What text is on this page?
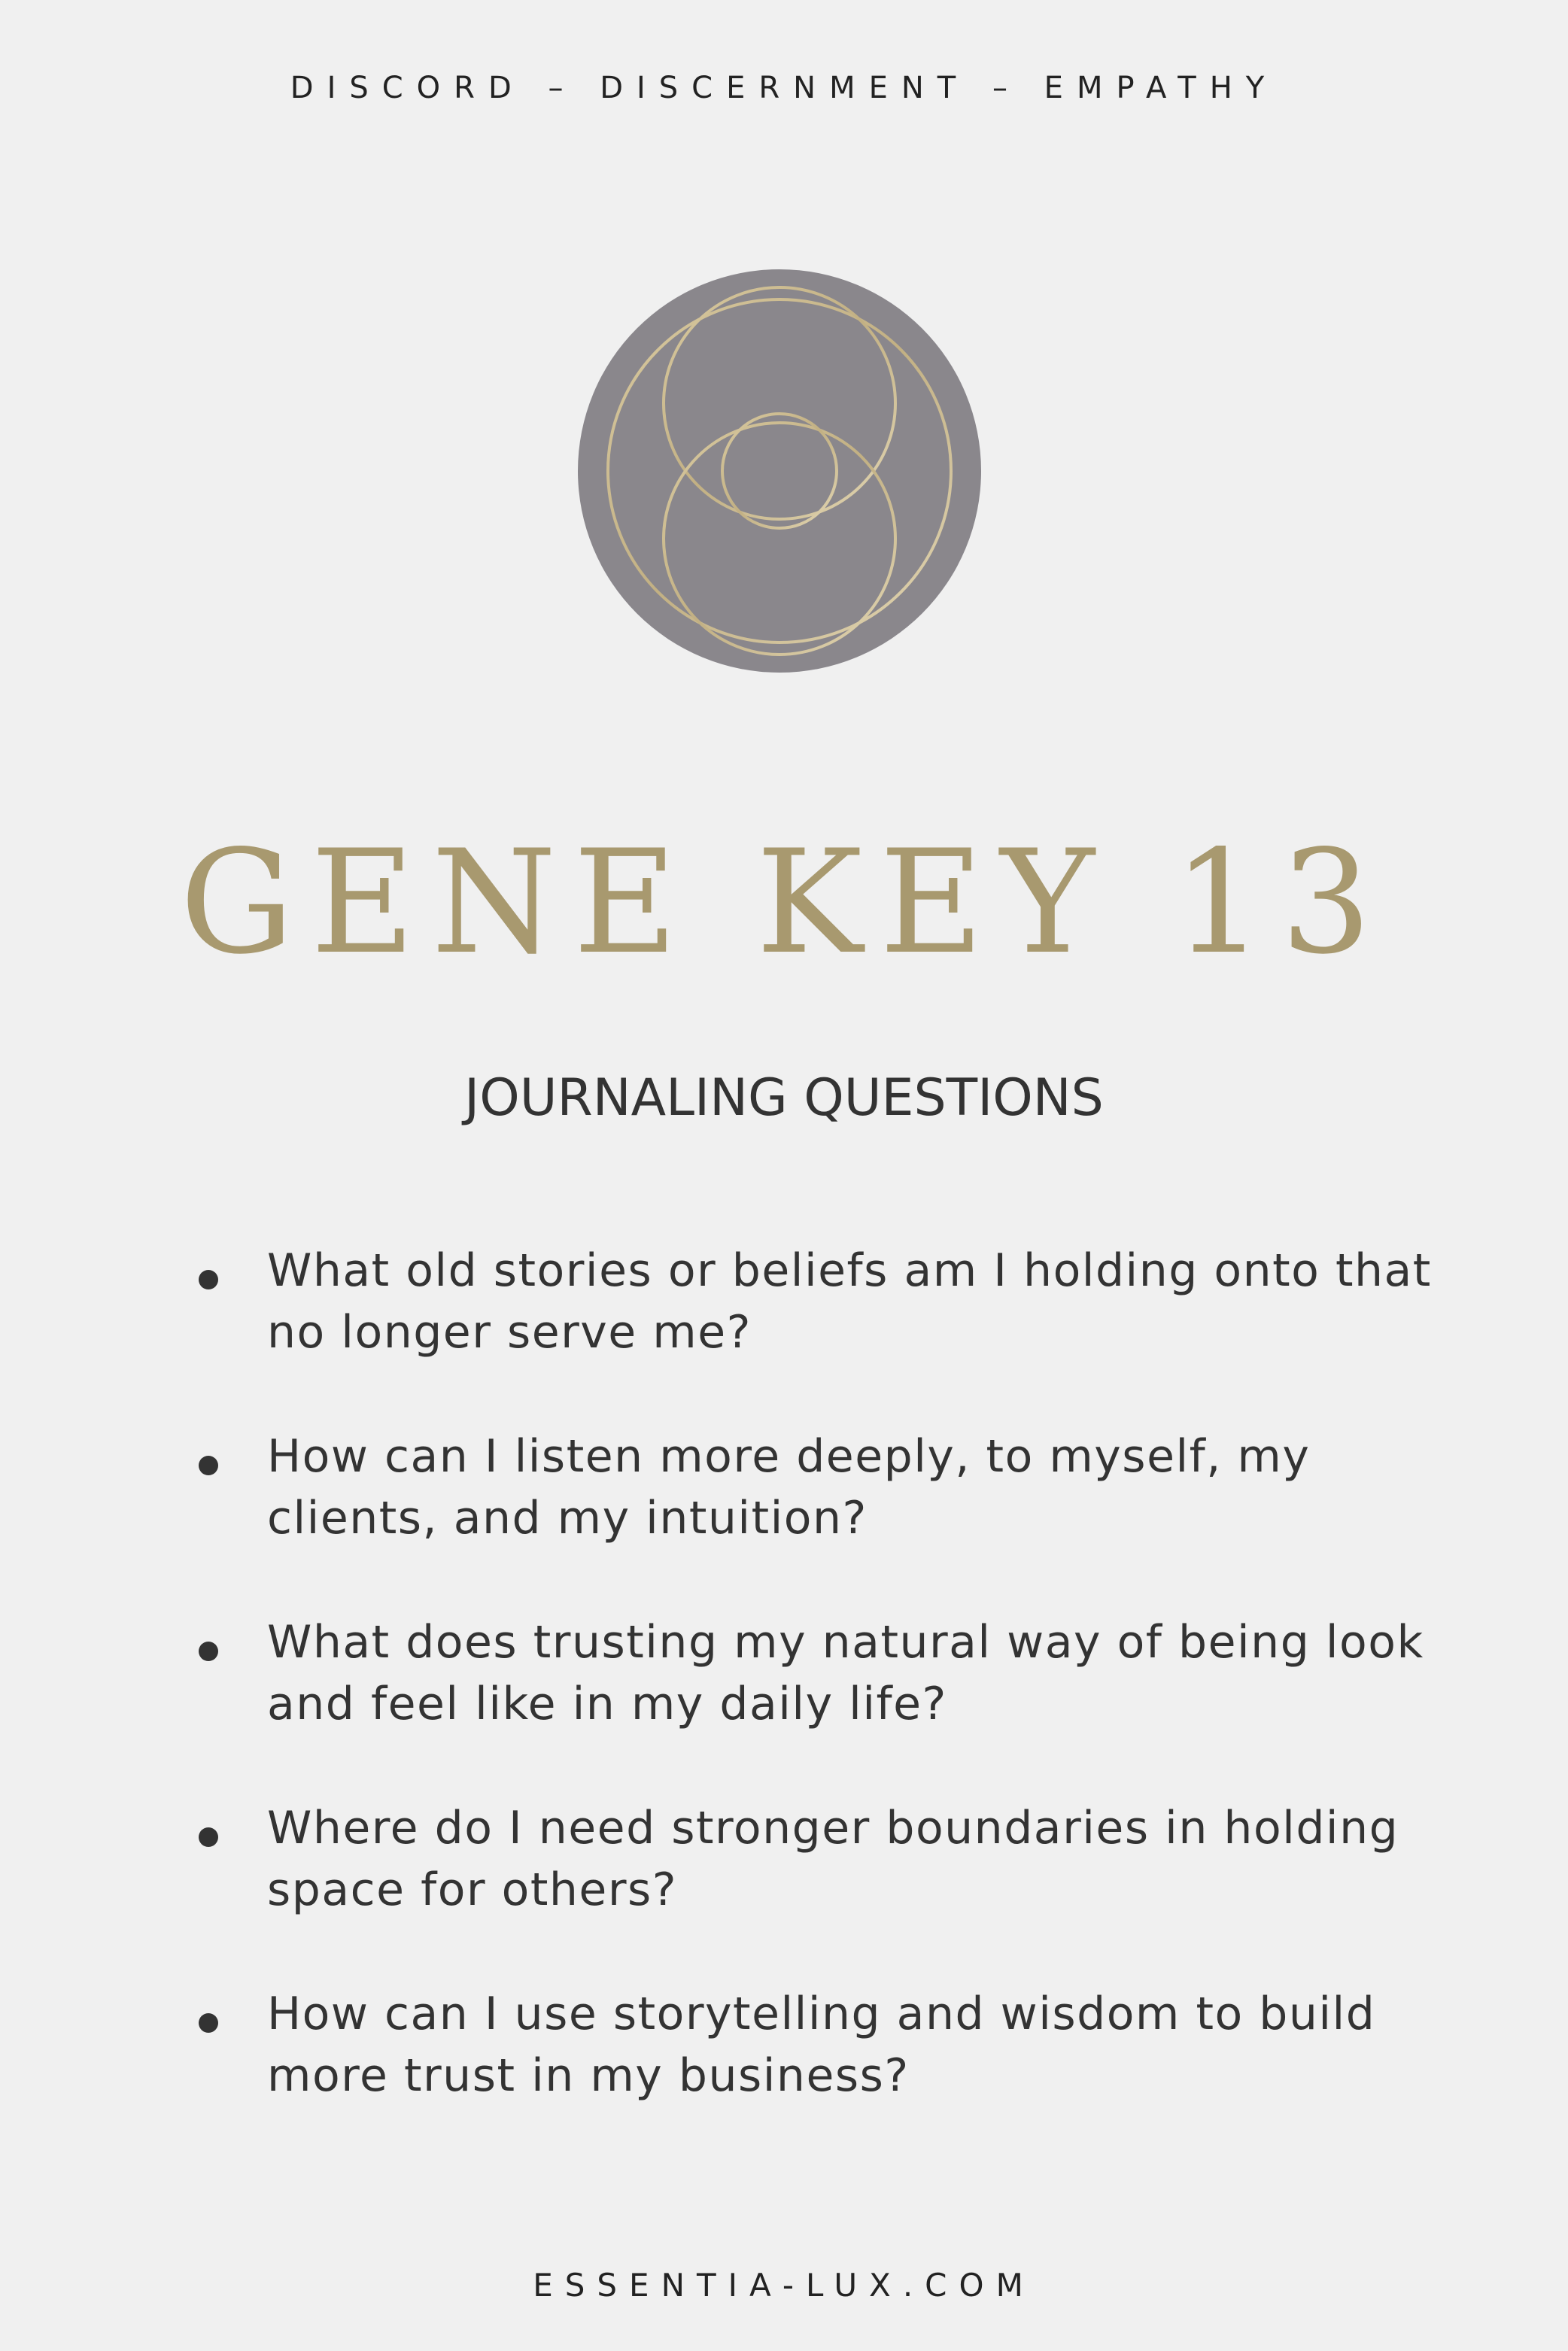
DISCORD – DISCERNMENT – EMPATHY
GENE KEY 13
JOURNALING QUESTIONS
What old stories or beliefs am I holding onto that no longer serve me?
How can I listen more deeply, to myself, my clients, and my intuition?
What does trusting my natural way of being look and feel like in my daily life?
Where do I need stronger boundaries in holding space for others?
How can I use storytelling and wisdom to build more trust in my business?
ESSENTIA-LUX.COM
